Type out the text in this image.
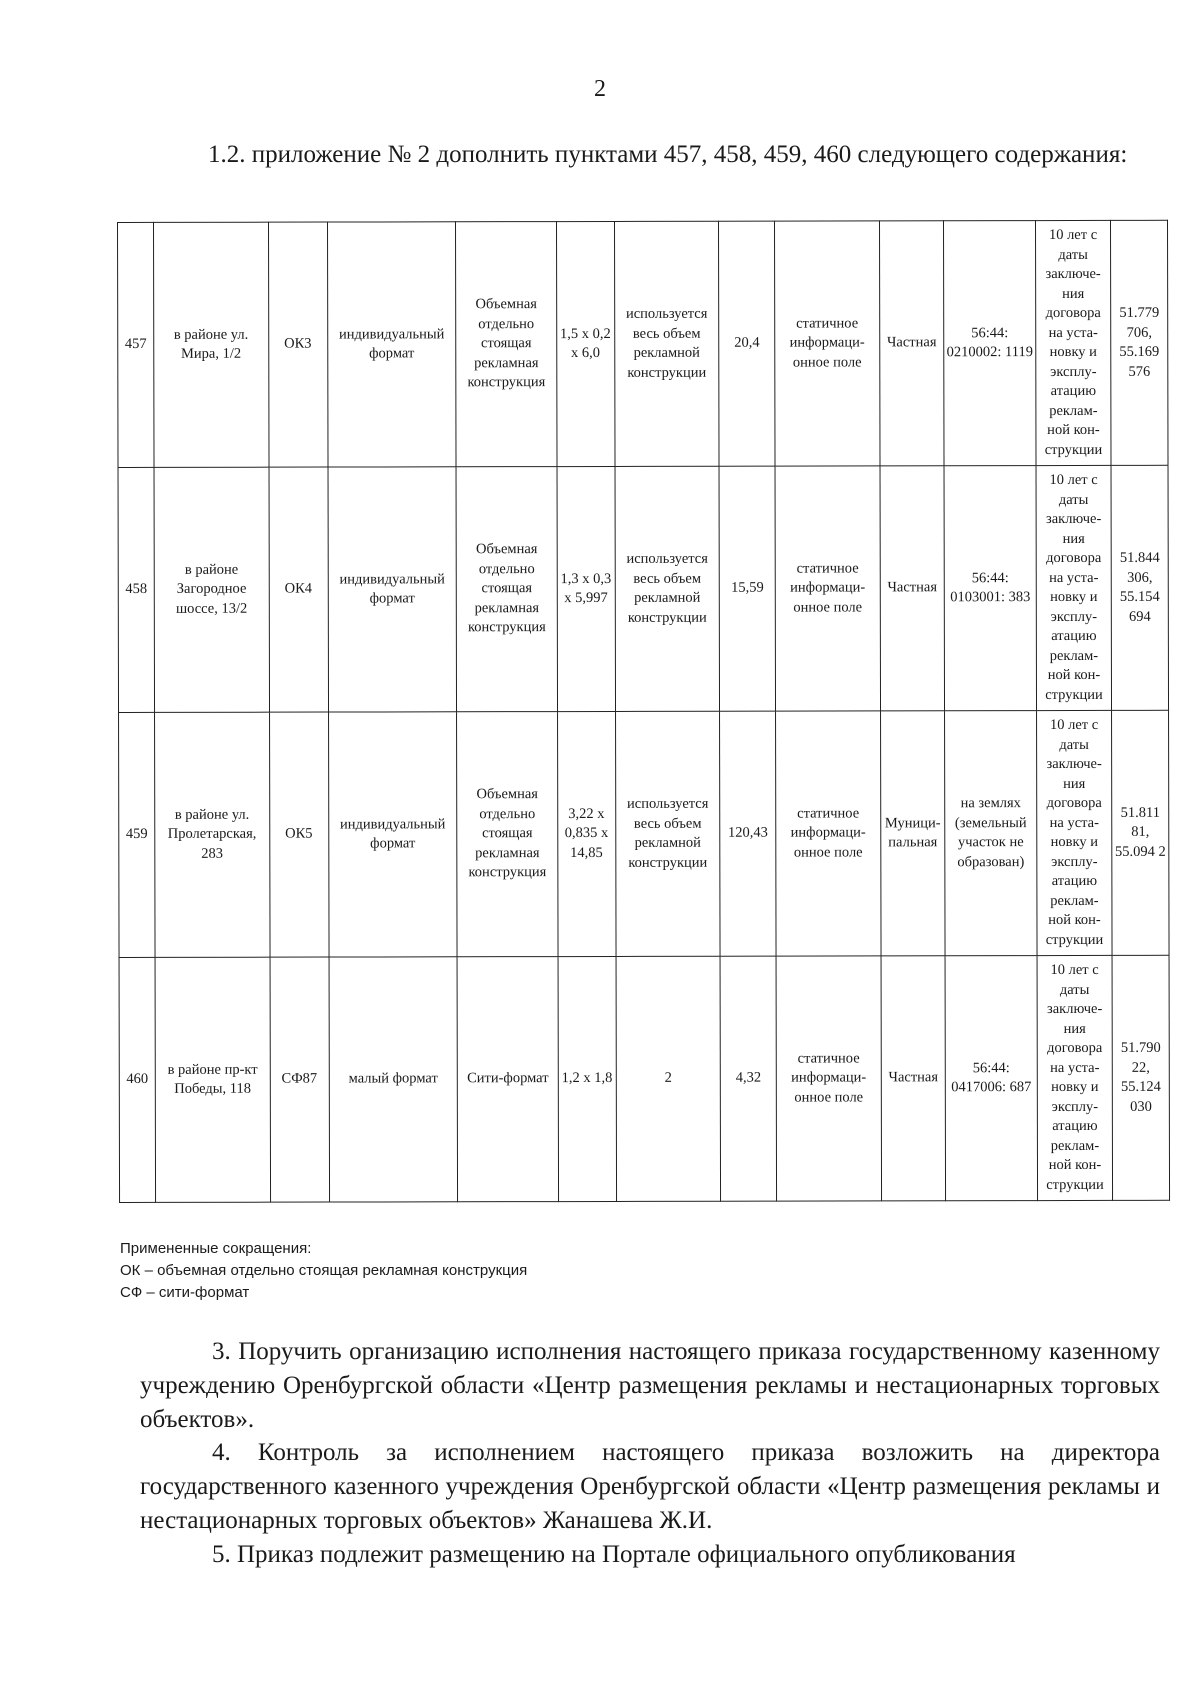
2
1.2. приложение № 2 дополнить пунктами 457, 458, 459, 460 следующего содержания:
457	в районе ул. Мира, 1/2	ОК3	индивидуальный формат	Объемная отдельно стоящая рекламная конструкция	1,5 х 0,2 х 6,0	используется весь объем рекламной конструкции	20,4	статичное информаци-онное поле	Частная	56:44: 0210002: 1119	10 лет с даты заключе-ния договора на уста-новку и эксплу-атацию реклам-ной кон-струкции	51.779 706, 55.169 576
458	в районе Загородное шоссе, 13/2	ОК4	индивидуальный формат	Объемная отдельно стоящая рекламная конструкция	1,3 х 0,3 х 5,997	используется весь объем рекламной конструкции	15,59	статичное информаци-онное поле	Частная	56:44: 0103001: 383	10 лет с даты заключе-ния договора на уста-новку и эксплу-атацию реклам-ной кон-струкции	51.844 306, 55.154 694
459	в районе ул. Пролетарская, 283	ОК5	индивидуальный формат	Объемная отдельно стоящая рекламная конструкция	3,22 х 0,835 х 14,85	используется весь объем рекламной конструкции	120,43	статичное информаци-онное поле	Муници-пальная	на землях (земельный участок не образован)	10 лет с даты заключе-ния договора на уста-новку и эксплу-атацию реклам-ной кон-струкции	51.811 81, 55.094 2
460	в районе пр-кт Победы, 118	СФ87	малый формат	Сити-формат	1,2 х 1,8	2	4,32	статичное информаци-онное поле	Частная	56:44: 0417006: 687	10 лет с даты заключе-ния договора на уста-новку и эксплу-атацию реклам-ной кон-струкции	51.790 22, 55.124 030
Примененные сокращения:
ОК – объемная отдельно стоящая рекламная конструкция
СФ – сити-формат
3. Поручить организацию исполнения настоящего приказа государственному казенному учреждению Оренбургской области «Центр размещения рекламы и нестационарных торговых объектов».
4. Контроль за исполнением настоящего приказа возложить на директора государственного казенного учреждения Оренбургской области «Центр размещения рекламы и нестационарных торговых объектов» Жанашева Ж.И.
5. Приказ подлежит размещению на Портале официального опубликования
